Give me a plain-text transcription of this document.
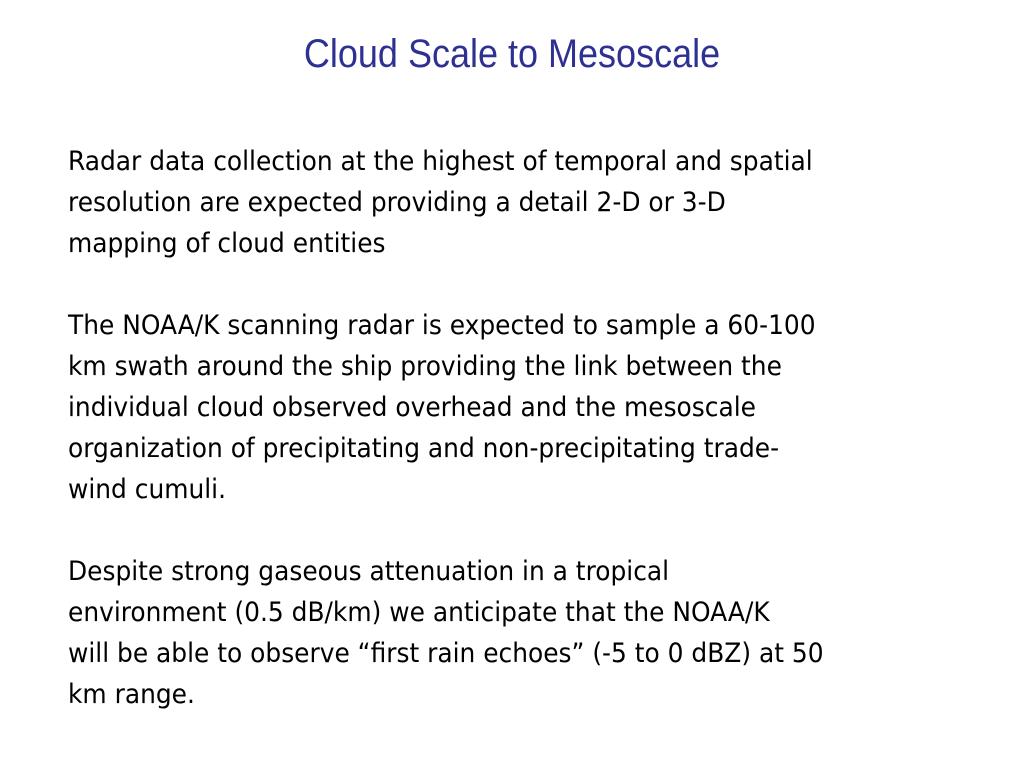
Cloud Scale to Mesoscale

Radar data collection at the highest of temporal and spatial
resolution are expected providing a detail 2-D or 3-D
mapping of cloud entities

The NOAA/K scanning radar is expected to sample a 60-100
km swath around the ship providing the link between the
individual cloud observed overhead and the mesoscale
organization of precipitating and non-precipitating trade-
wind cumuli.

Despite strong gaseous attenuation in a tropical
environment (0.5 dB/km) we anticipate that the NOAA/K
will be able to observe “first rain echoes” (-5 to 0 dBZ) at 50
km range.
